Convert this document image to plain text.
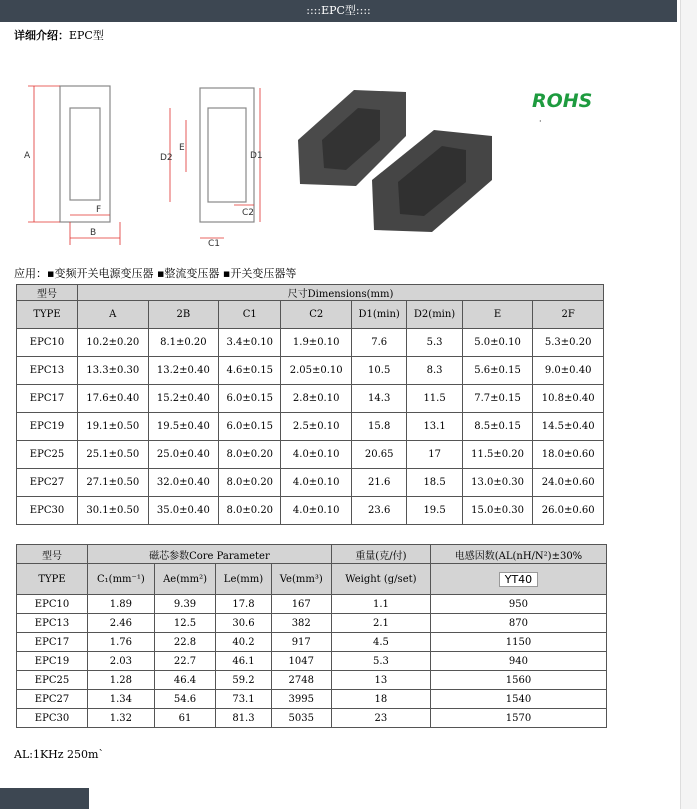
::::EPC型::::
详细介绍：EPC型
A
F
B
D2
E
D1
C2
C1
ROHS
·
应用：▪变频开关电源变压器 ▪整流变压器 ▪开关变压器等
型号	尺寸Dimensions(mm)							
TYPE	A	2B	C1	C2	D1(min)	D2(min)	E	2F
EPC10	10.2±0.20	8.1±0.20	3.4±0.10	1.9±0.10	7.6	5.3	5.0±0.10	5.3±0.20
EPC13	13.3±0.30	13.2±0.40	4.6±0.15	2.05±0.10	10.5	8.3	5.6±0.15	9.0±0.40
EPC17	17.6±0.40	15.2±0.40	6.0±0.15	2.8±0.10	14.3	11.5	7.7±0.15	10.8±0.40
EPC19	19.1±0.50	19.5±0.40	6.0±0.15	2.5±0.10	15.8	13.1	8.5±0.15	14.5±0.40
EPC25	25.1±0.50	25.0±0.40	8.0±0.20	4.0±0.10	20.65	17	11.5±0.20	18.0±0.60
EPC27	27.1±0.50	32.0±0.40	8.0±0.20	4.0±0.10	21.6	18.5	13.0±0.30	24.0±0.60
EPC30	30.1±0.50	35.0±0.40	8.0±0.20	4.0±0.10	23.6	19.5	15.0±0.30	26.0±0.60
型号	磁芯参数Core Parameter				重量(克/付)	电感因数(AL(nH/N²)±30%
TYPE	C₁(mm⁻¹)	Ae(mm²)	Le(mm)	Ve(mm³)	Weight (g/set)	YT40
EPC10	1.89	9.39	17.8	167	1.1	950
EPC13	2.46	12.5	30.6	382	2.1	870
EPC17	1.76	22.8	40.2	917	4.5	1150
EPC19	2.03	22.7	46.1	1047	5.3	940
EPC25	1.28	46.4	59.2	2748	13	1560
EPC27	1.34	54.6	73.1	3995	18	1540
EPC30	1.32	61	81.3	5035	23	1570
AL:1KHz 250m`
